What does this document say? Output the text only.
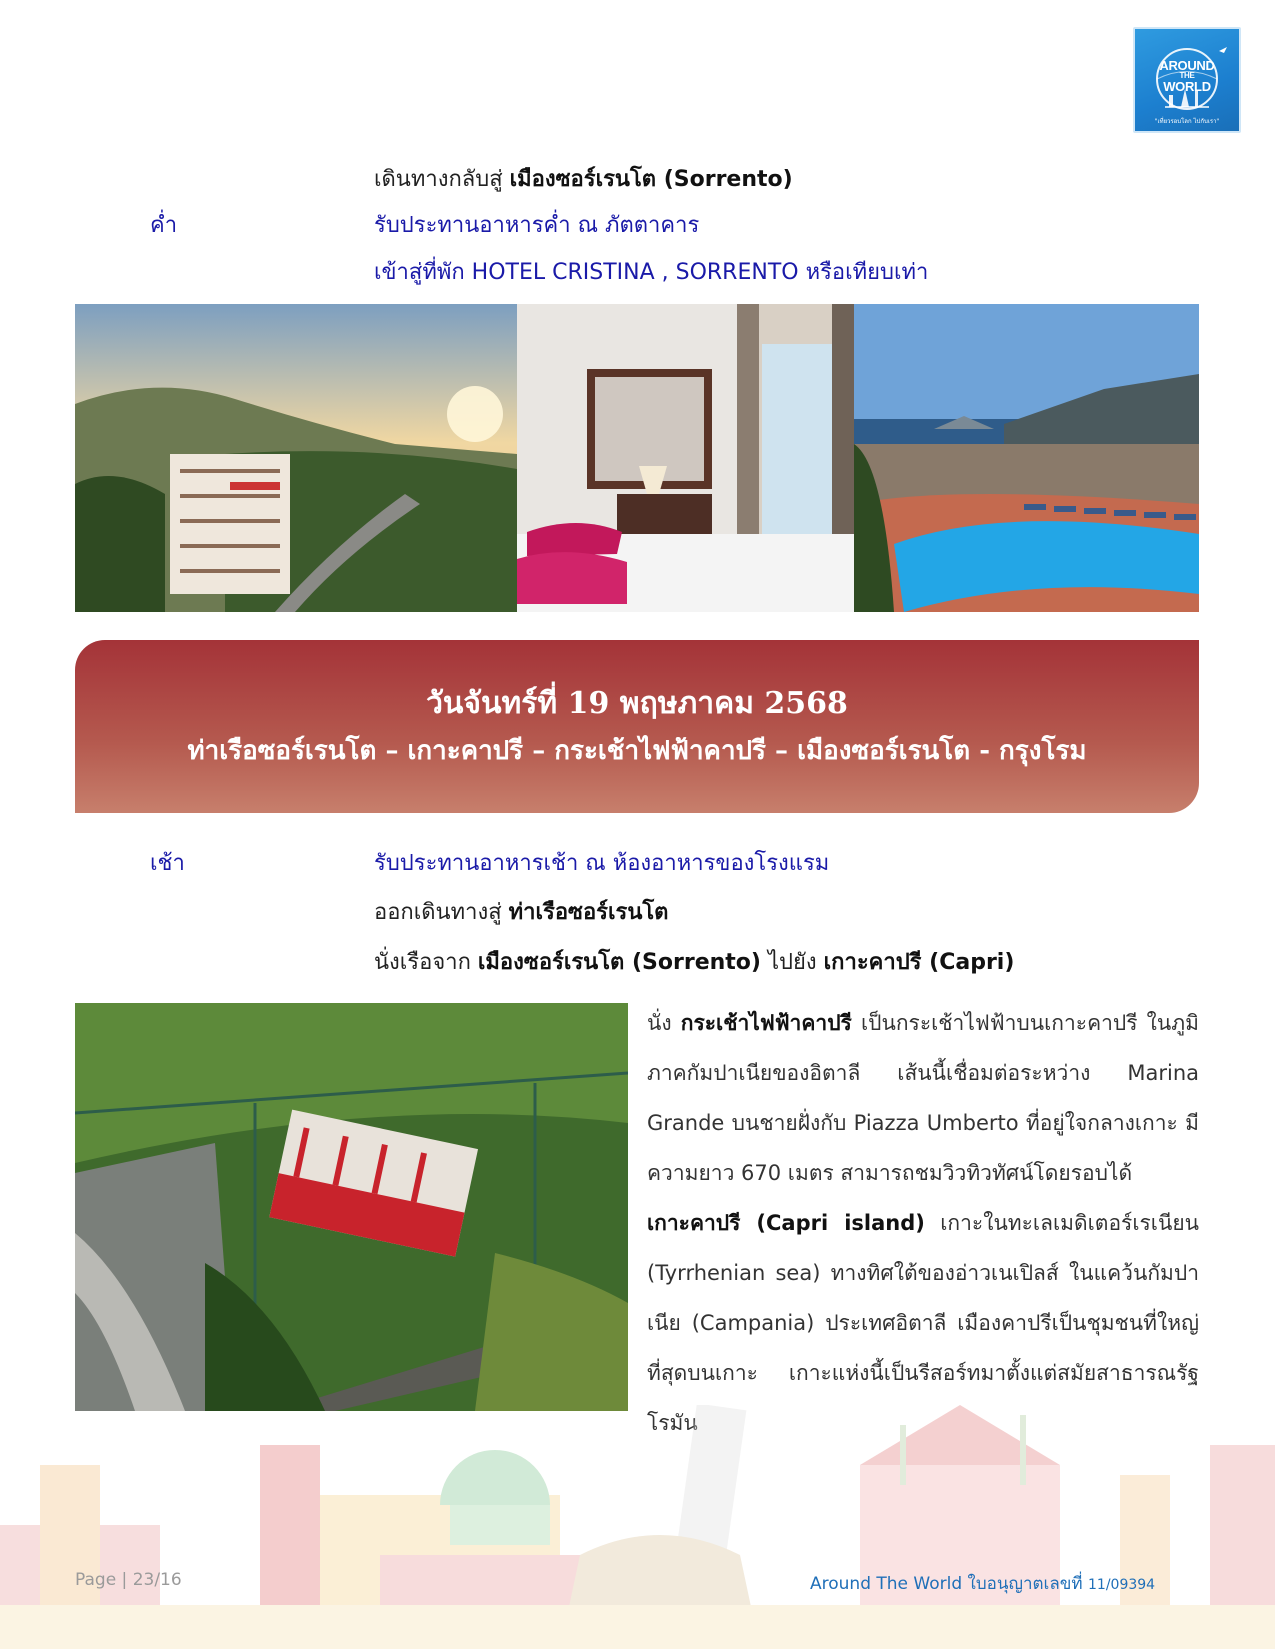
AROUND
THE
WORLD
"เที่ยวรอบโลก ไปกับเรา"
เดินทางกลับสู่ เมืองซอร์เรนโต (Sorrento)
ค่ำ	รับประทานอาหารค่ำ ณ ภัตตาคาร
เข้าสู่ที่พัก HOTEL CRISTINA , SORRENTO หรือเทียบเท่า
วันจันทร์ที่ 19 พฤษภาคม 2568
ท่าเรือซอร์เรนโต – เกาะคาปรี – กระเช้าไฟฟ้าคาปรี – เมืองซอร์เรนโต - กรุงโรม
เช้า	รับประทานอาหารเช้า ณ ห้องอาหารของโรงแรม
ออกเดินทางสู่ ท่าเรือซอร์เรนโต
นั่งเรือจาก เมืองซอร์เรนโต (Sorrento) ไปยัง เกาะคาปรี (Capri)
นั่ง กระเช้าไฟฟ้าคาปรี เป็นกระเช้าไฟฟ้าบนเกาะคาปรี ในภูมิภาคกัมปาเนียของอิตาลี เส้นนี้เชื่อมต่อระหว่าง Marina Grande บนชายฝั่งกับ Piazza Umberto ที่อยู่ใจกลางเกาะ มีความยาว 670 เมตร สามารถชมวิวทิวทัศน์โดยรอบได้
เกาะคาปรี (Capri island) เกาะในทะเลเมดิเตอร์เรเนียน (Tyrrhenian sea) ทางทิศใต้ของอ่าวเนเปิลส์ ในแคว้นกัมปาเนีย (Campania) ประเทศอิตาลี เมืองคาปรีเป็นชุมชนที่ใหญ่ที่สุดบนเกาะ เกาะแห่งนี้เป็นรีสอร์ทมาตั้งแต่สมัยสาธารณรัฐโรมัน
Page | 23/16	Around The World ใบอนุญาตเลขที่ 11/09394
